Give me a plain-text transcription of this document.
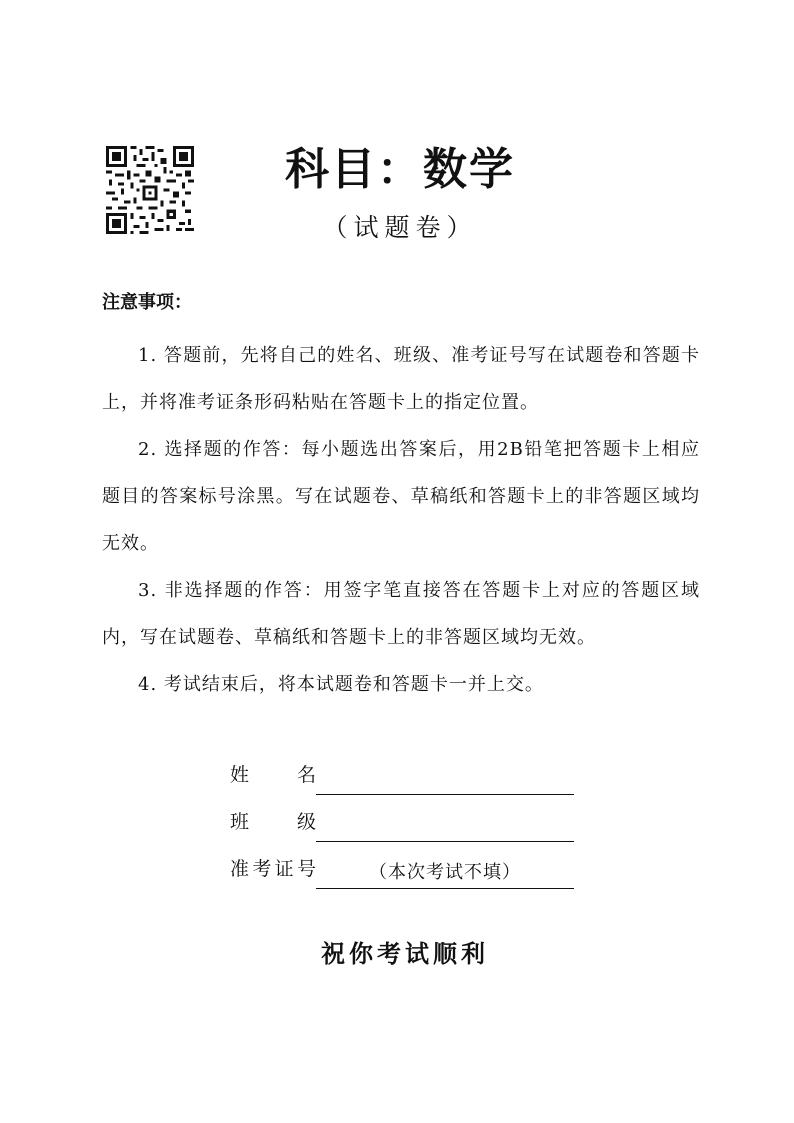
科目：数学
（试题卷）
注意事项：

1. 答题前，先将自己的姓名、班级、准考证号写在试题卷和答题卡上，并将准考证条形码粘贴在答题卡上的指定位置。

2. 选择题的作答：每小题选出答案后，用2B铅笔把答题卡上相应题目的答案标号涂黑。写在试题卷、草稿纸和答题卡上的非答题区域均无效。

3. 非选择题的作答：用签字笔直接答在答题卡上对应的答题区域内，写在试题卷、草稿纸和答题卡上的非答题区域均无效。

4. 考试结束后，将本试题卷和答题卡一并上交。

姓　　名
班　　级
准考证号	（本次考试不填）
祝你考试顺利
